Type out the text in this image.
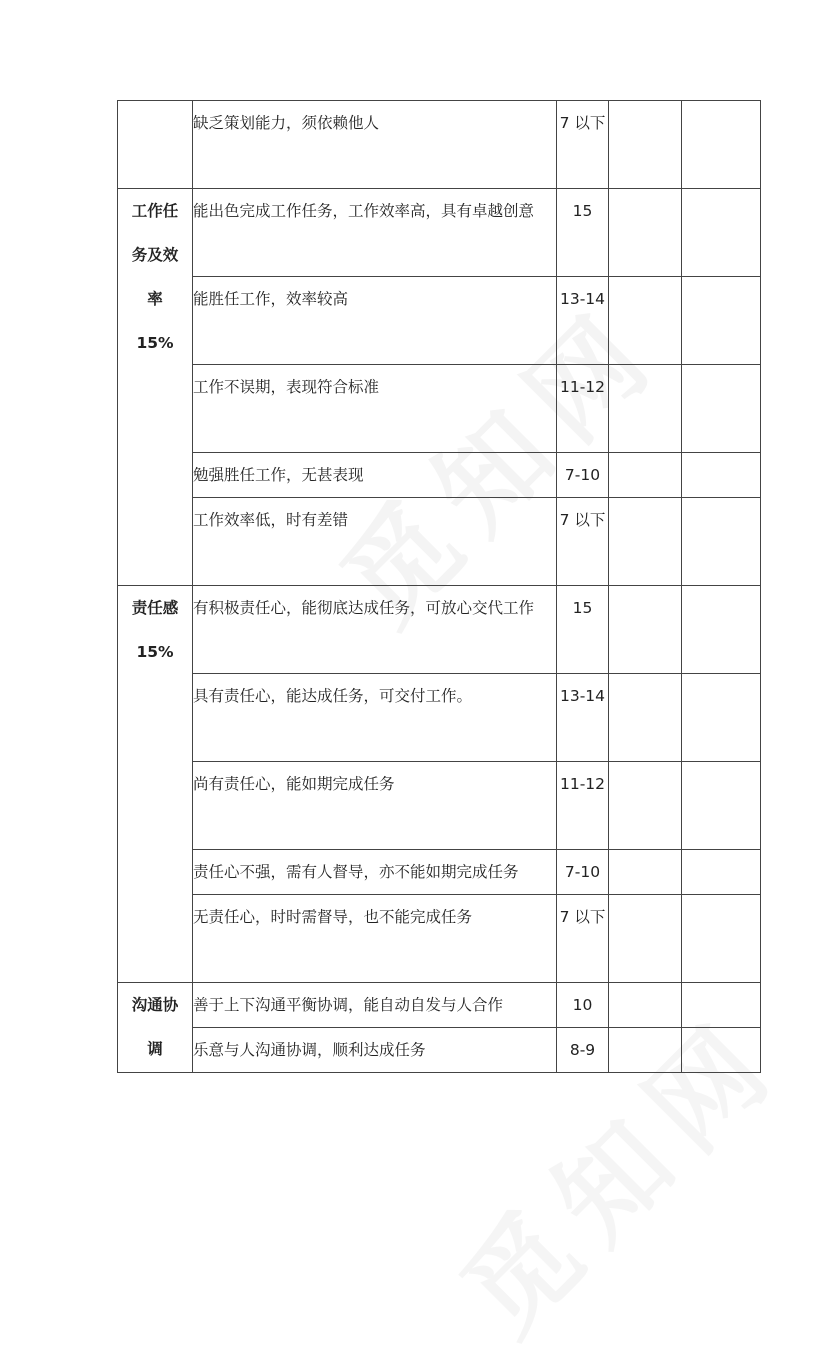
	缺乏策划能力，须依赖他人	7 以下		

工作任
务及效
率
15%	能出色完成工作任务，工作效率高，具有卓越创意	15		
	能胜任工作，效率较高	13-14		
	工作不误期，表现符合标准	11-12		
	勉强胜任工作，无甚表现	7-10		
	工作效率低，时有差错	7 以下		

责任感
15%	有积极责任心，能彻底达成任务，可放心交代工作	15		
	具有责任心，能达成任务，可交付工作。	13-14		
	尚有责任心，能如期完成任务	11-12		
	责任心不强，需有人督导，亦不能如期完成任务	7-10		
	无责任心，时时需督导，也不能完成任务	7 以下		

沟通协
调	善于上下沟通平衡协调，能自动自发与人合作	10		
	乐意与人沟通协调，顺利达成任务	8-9		
